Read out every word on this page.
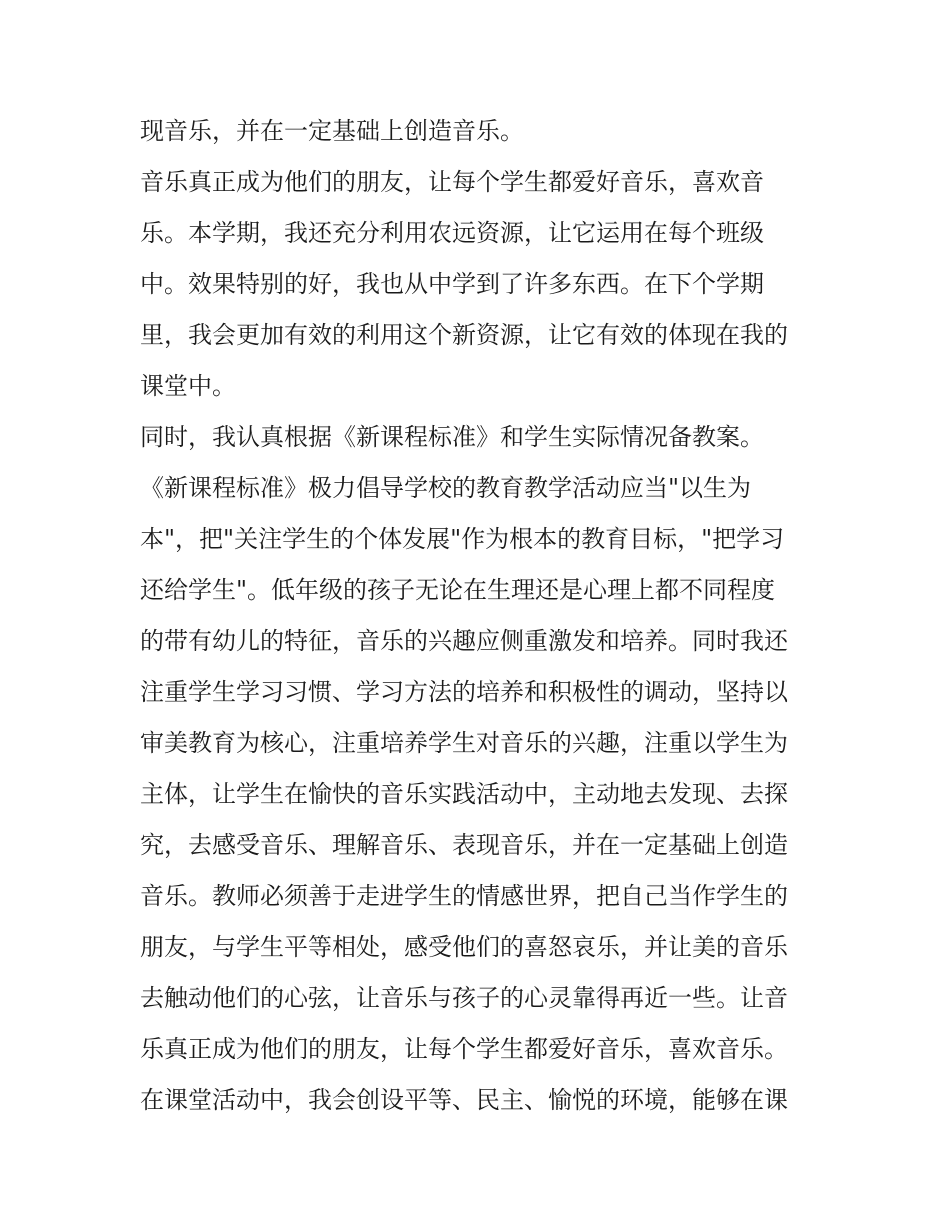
现音乐，并在一定基础上创造音乐。
音乐真正成为他们的朋友，让每个学生都爱好音乐，喜欢音
乐。本学期，我还充分利用农远资源，让它运用在每个班级
中。效果特别的好，我也从中学到了许多东西。在下个学期
里，我会更加有效的利用这个新资源，让它有效的体现在我的
课堂中。
同时，我认真根据《新课程标准》和学生实际情况备教案。
《新课程标准》极力倡导学校的教育教学活动应当"以生为
本"，把"关注学生的个体发展"作为根本的教育目标，"把学习
还给学生"。低年级的孩子无论在生理还是心理上都不同程度
的带有幼儿的特征，音乐的兴趣应侧重激发和培养。同时我还
注重学生学习习惯、学习方法的培养和积极性的调动，坚持以
审美教育为核心，注重培养学生对音乐的兴趣，注重以学生为
主体，让学生在愉快的音乐实践活动中，主动地去发现、去探
究，去感受音乐、理解音乐、表现音乐，并在一定基础上创造
音乐。教师必须善于走进学生的情感世界，把自己当作学生的
朋友，与学生平等相处，感受他们的喜怒哀乐，并让美的音乐
去触动他们的心弦，让音乐与孩子的心灵靠得再近一些。让音
乐真正成为他们的朋友，让每个学生都爱好音乐，喜欢音乐。
在课堂活动中，我会创设平等、民主、愉悦的环境，能够在课
